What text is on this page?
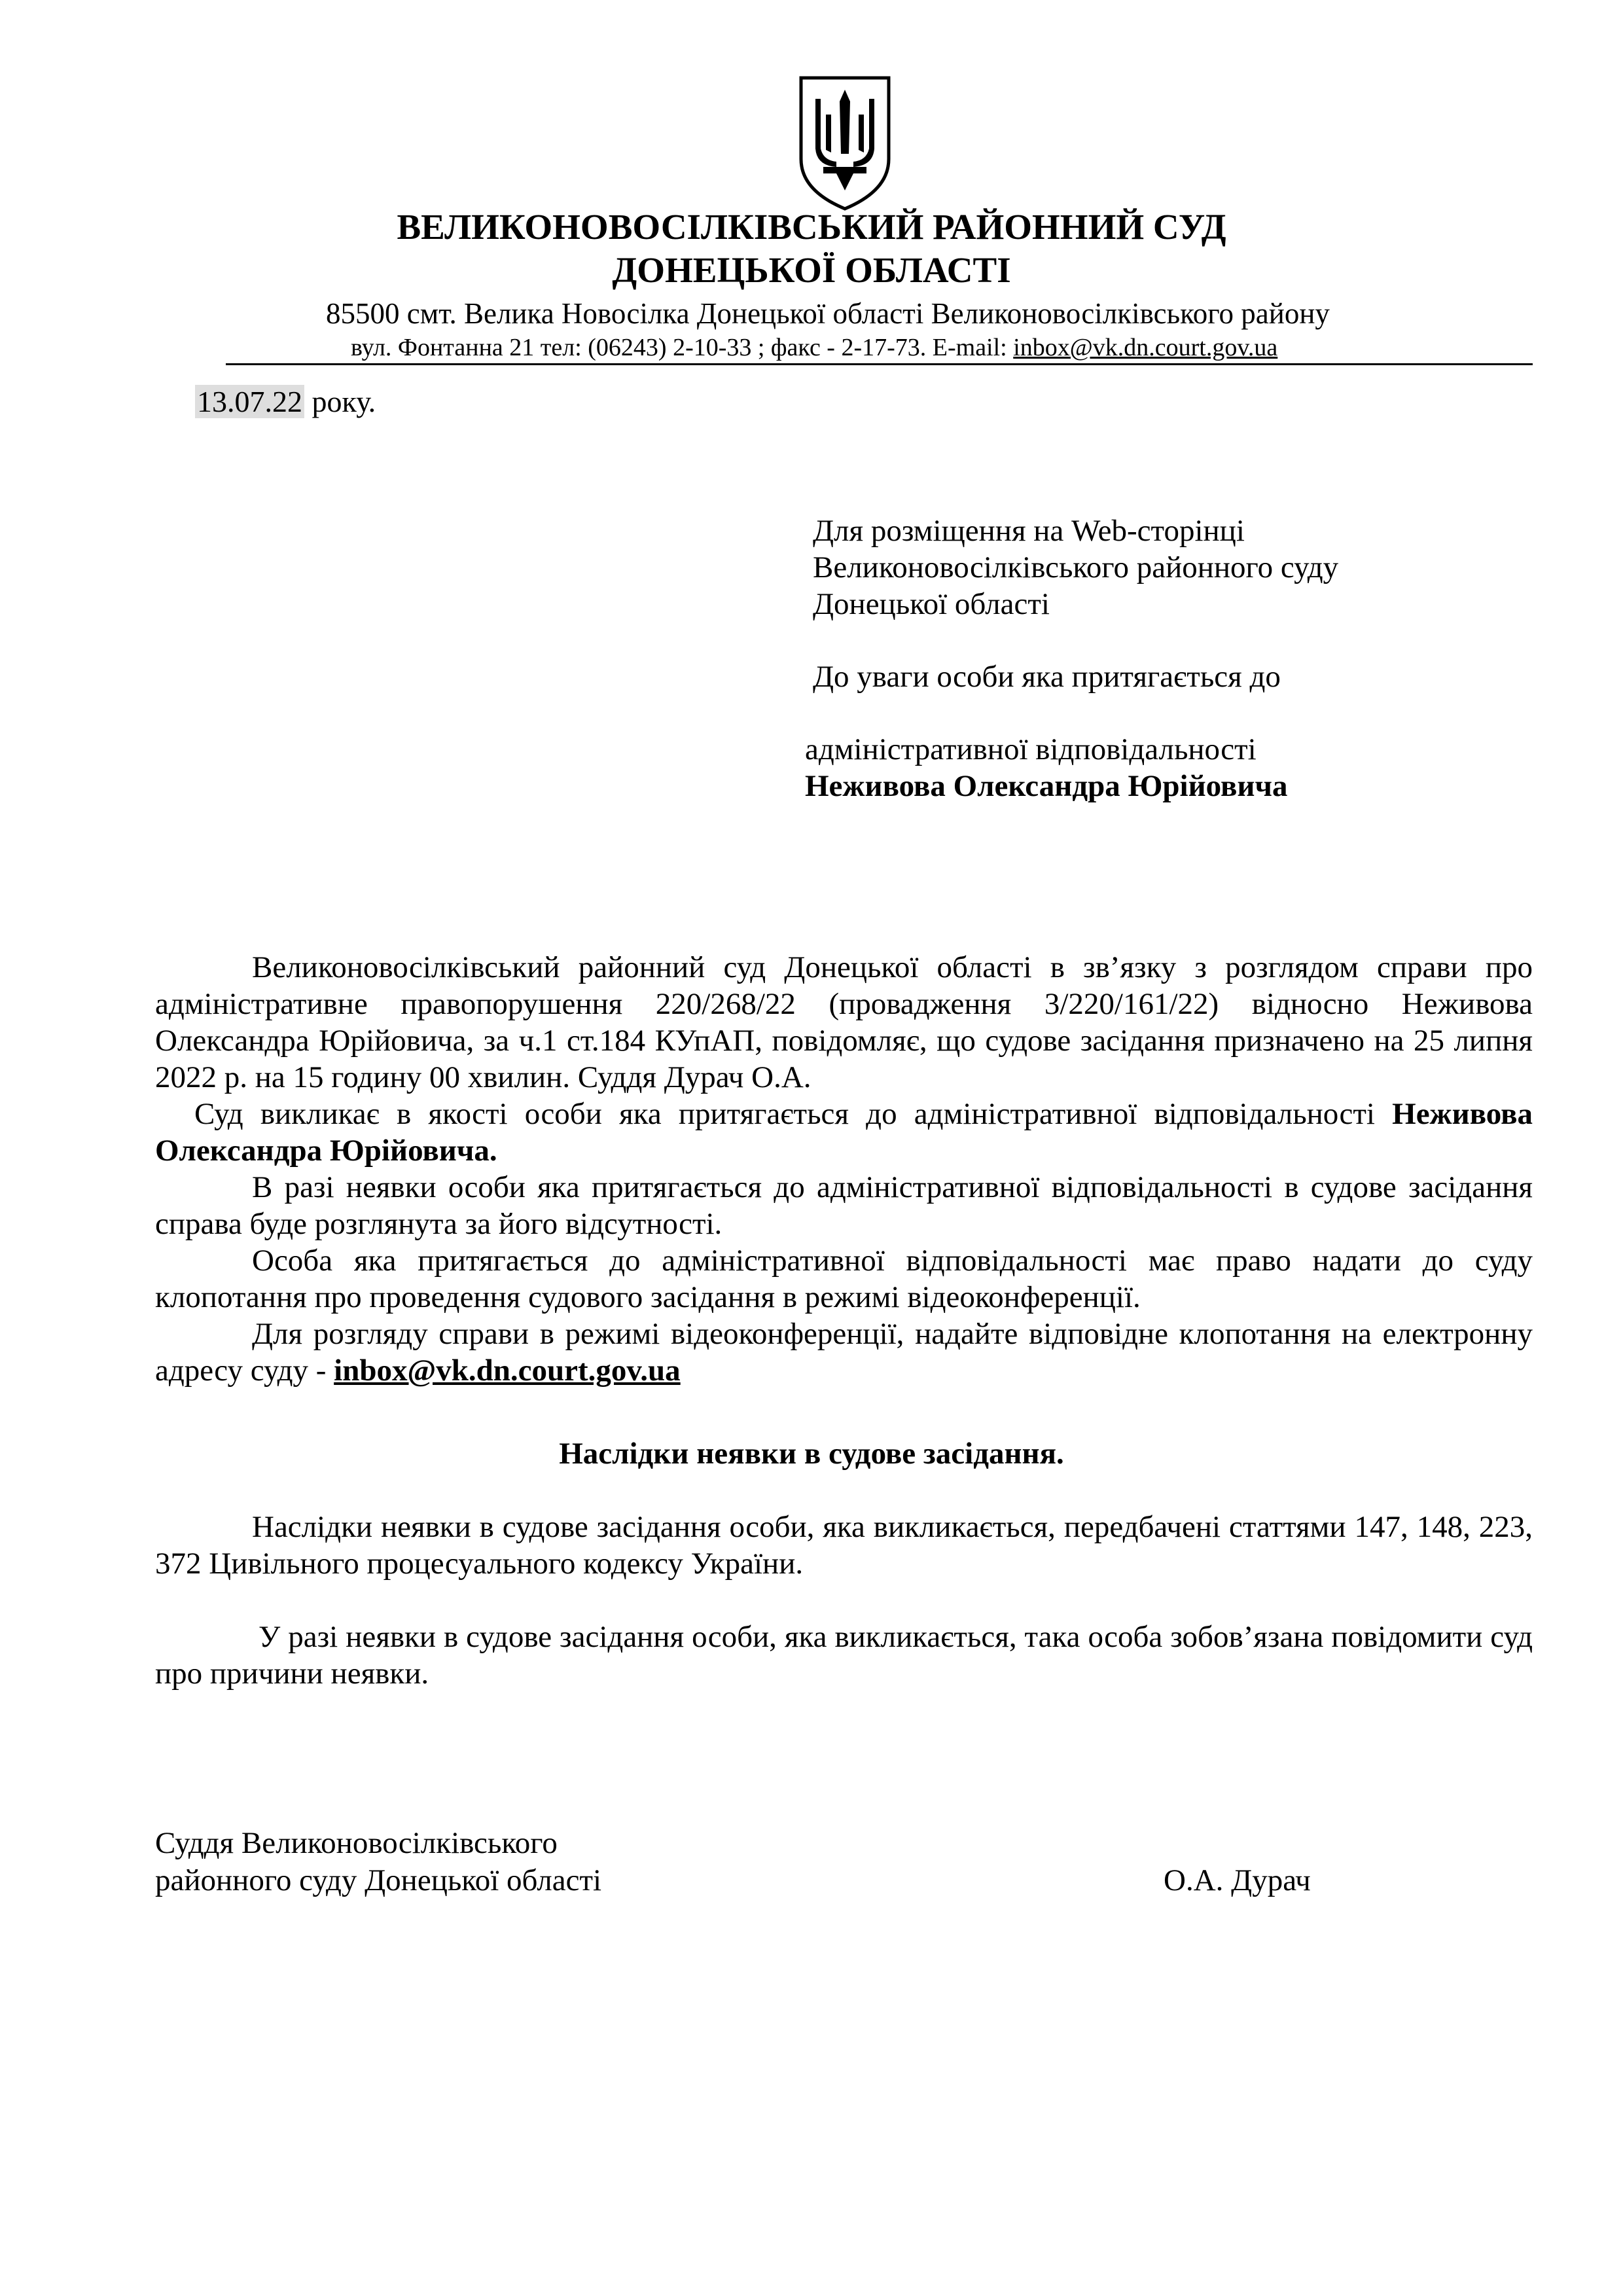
ВЕЛИКОНОВОСІЛКІВСЬКИЙ РАЙОННИЙ СУД
ДОНЕЦЬКОЇ ОБЛАСТІ
85500 смт. Велика Новосілка Донецької області Великоновосілківського району
вул. Фонтанна 21 тел: (06243) 2-10-33 ; факс - 2-17-73. E-mail: inbox@vk.dn.court.gov.ua
13.07.22 року.
Для розміщення на Web-сторінці
Великоновосілківського районного суду
Донецької області
До уваги особи яка притягається до
адміністративної відповідальності
Неживова Олександра Юрійовича

Великоновосілківський районний суд Донецької області в зв’язку з розглядом справи про адміністративне правопорушення 220/268/22 (провадження 3/220/161/22) відносно Неживова Олександра Юрійовича, за ч.1 ст.184 КУпАП, повідомляє, що судове засідання призначено на 25 липня 2022 р. на 15 годину 00 хвилин. Суддя Дурач О.А.

Суд викликає в якості особи яка притягається до адміністративної відповідальності Неживова Олександра Юрійовича.

В разі неявки особи яка притягається до адміністративної відповідальності в судове засідання справа буде розглянута за його відсутності.

Особа яка притягається до адміністративної відповідальності має право надати до суду клопотання про проведення судового засідання в режимі відеоконференції.

Для розгляду справи в режимі відеоконференції, надайте відповідне клопотання на електронну адресу суду - inbox@vk.dn.court.gov.ua

Наслідки неявки в судове засідання.

Наслідки неявки в судове засідання особи, яка викликається, передбачені статтями 147, 148, 223, 372 Цивільного процесуального кодексу України.

У разі неявки в судове засідання особи, яка викликається, така особа зобов’язана повідомити суд про причини неявки.

Суддя Великоновосілківського
районного суду Донецької області	О.А. Дурач
